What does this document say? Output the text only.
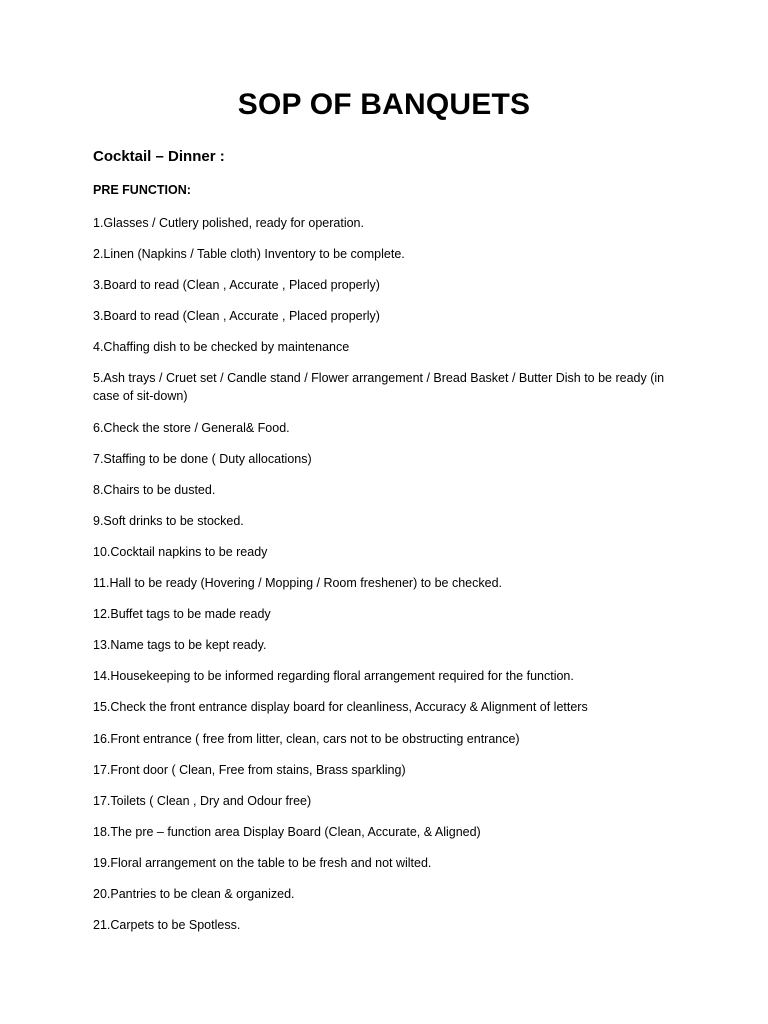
SOP OF BANQUETS
Cocktail – Dinner :
PRE FUNCTION:
1.Glasses / Cutlery polished, ready for operation.
2.Linen (Napkins / Table cloth) Inventory to be complete.
3.Board to read (Clean , Accurate , Placed properly)
3.Board to read (Clean , Accurate , Placed properly)
4.Chaffing dish to be checked by maintenance
5.Ash trays / Cruet set / Candle stand / Flower arrangement / Bread Basket / Butter Dish to be ready (in case of sit-down)
6.Check the store / General& Food.
7.Staffing to be done ( Duty allocations)
8.Chairs to be dusted.
9.Soft drinks to be stocked.
10.Cocktail napkins to be ready
11.Hall to be ready (Hovering / Mopping / Room freshener) to be checked.
12.Buffet tags to be made ready
13.Name tags to be kept ready.
14.Housekeeping to be informed regarding floral arrangement required for the function.
15.Check the front entrance display board for cleanliness, Accuracy & Alignment of letters
16.Front entrance ( free from litter, clean, cars not to be obstructing entrance)
17.Front door ( Clean, Free from stains, Brass sparkling)
17.Toilets ( Clean , Dry and Odour free)
18.The pre – function area Display Board (Clean, Accurate, & Aligned)
19.Floral arrangement on the table to be fresh and not wilted.
20.Pantries to be clean & organized.
21.Carpets to be Spotless.
